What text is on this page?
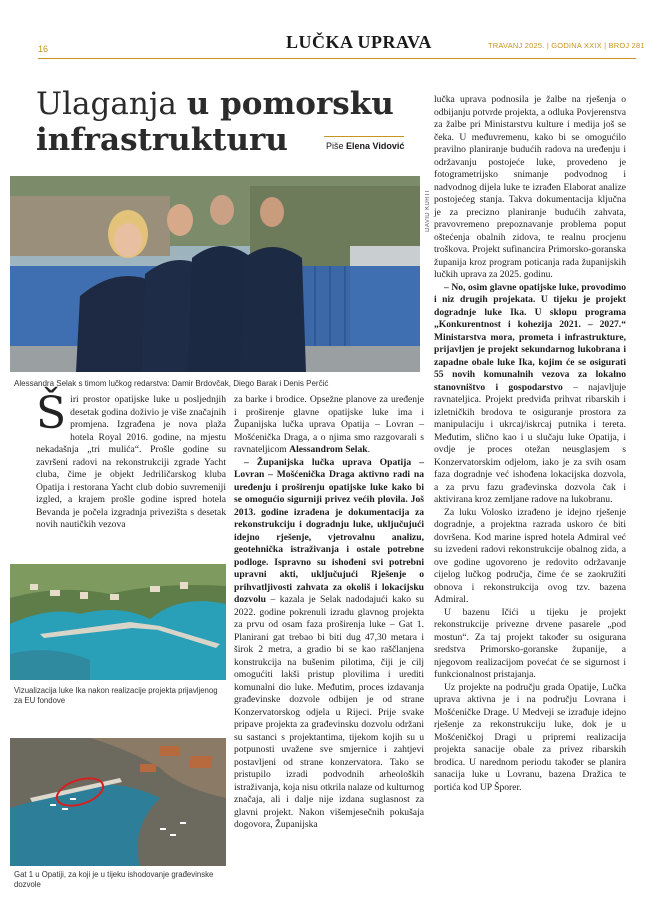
16	LUČKA UPRAVA	TRAVANJ 2025. | GODINA XXIX | BROJ 281
Ulaganja u pomorsku
infrastrukturu	Piše Elena Vidović
DAVID KURTI
Alessandra Selak s timom lučkog redarstva: Damir Brdovčak, Diego Barak i Denis Perčić

Širi prostor opatijske luke u posljednjih desetak godina doživio je više značajnih promjena. Izgrađena je nova plaža hotela Royal 2016. godine, na mjestu nekadašnja „tri mulića“. Prošle godine su završeni radovi na rekonstrukciji zgrade Yacht cluba, čime je objekt Jedriličarskog kluba Opatija i restorana Yacht club dobio suvremeniji izgled, a krajem prošle godine ispred hotela Bevanda je počela izgradnja privezišta s desetak novih nautičkih vezova

Vizualizacija luke Ika nakon realizacije projekta prijavljenog za EU fondove
Gat 1 u Opatiji, za koji je u tijeku ishodovanje građevinske dozvole

za barke i brodice. Opsežne planove za uređenje i proširenje glavne opatijske luke ima i Županijska lučka uprava Opatija – Lovran – Mošćenička Draga, a o njima smo razgovarali s ravnateljicom Alessandrom Selak.

– Županijska lučka uprava Opatija – Lovran – Mošćenička Draga aktivno radi na uređenju i proširenju opatijske luke kako bi se omogućio sigurniji privez većih plovila. Još 2013. godine izrađena je dokumentacija za rekonstrukciju i dogradnju luke, uključujući idejno rješenje, vjetrovalnu analizu, geotehnička istraživanja i ostale potrebne podloge. Ispravno su ishođeni svi potrebni upravni akti, uključujući Rješenje o prihvatljivosti zahvata za okoliš i lokacijsku dozvolu – kazala je Selak nadodajući kako su 2022. godine pokrenuli izradu glavnog projekta za prvu od osam faza proširenja luke – Gat 1. Planirani gat trebao bi biti dug 47,30 metara i širok 2 metra, a gradio bi se kao raščlanjena konstrukcija na bušenim pilotima, čiji je cilj omogućiti lakši pristup plovilima i urediti komunalni dio luke. Međutim, proces izdavanja građevinske dozvole odbijen je od strane Konzervatorskog odjela u Rijeci. Prije svake pripave projekta za građevinsku dozvolu održani su sastanci s projektantima, tijekom kojih su u potpunosti uvažene sve smjernice i zahtjevi postavljeni od strane konzervatora. Tako se pristupilo izradi podvodnih arheoloških istraživanja, koja nisu otkrila nalaze od kulturnog značaja, ali i dalje nije izdana suglasnost za glavni projekt. Nakon višemjesečnih pokušaja dogovora, Županijska

lučka uprava podnosila je žalbe na rješenja o odbijanju potvrde projekta, a odluka Povjerenstva za žalbe pri Ministarstvu kulture i medija još se čeka. U međuvremenu, kako bi se omogućilo pravilno planiranje budućih radova na uređenju i održavanju postojeće luke, provedeno je fotogrametrijsko snimanje podvodnog i nadvodnog dijela luke te izrađen Elaborat analize postojećeg stanja. Takva dokumentacija ključna je za precizno planiranje budućih zahvata, pravovremeno prepoznavanje problema poput oštećenja obalnih zidova, te realnu procjenu troškova. Projekt sufinancira Primorsko-goranska županija kroz program poticanja rada županijskih lučkih uprava za 2025. godinu.

– No, osim glavne opatijske luke, provodimo i niz drugih projekata. U tijeku je projekt dogradnje luke Ika. U sklopu programa „Konkurentnost i kohezija 2021. – 2027.“ Ministarstva mora, prometa i infrastrukture, prijavljen je projekt sekundarnog lukobrana i zapadne obale luke Ika, kojim će se osigurati 55 novih komunalnih vezova za lokalno stanovništvo i gospodarstvo – najavljuje ravnateljica. Projekt predviđa prihvat ribarskih i izletničkih brodova te osiguranje prostora za manipulaciju i ukrcaj/iskrcaj putnika i tereta. Međutim, slično kao i u slučaju luke Opatija, i ovdje je proces otežan neusglasjem s Konzervatorskim odjelom, iako je za svih osam faza dogradnje već ishođena lokacijska dozvola, a za prvu fazu građevinska dozvola čak i aktivirana kroz zemljane radove na lukobranu.

Za luku Volosko izrađeno je idejno rješenje dogradnje, a projektna razrada uskoro će biti dovršena. Kod marine ispred hotela Admiral već su izvedeni radovi rekonstrukcije obalnog zida, a ove godine ugovoreno je redovito održavanje cijelog lučkog područja, čime će se zaokružiti obnova i rekonstrukcija ovog tzv. bazena Admiral.

U bazenu Ičići u tijeku je projekt rekonstrukcije privezne drvene pasarele „pod mostun“. Za taj projekt također su osigurana sredstva Primorsko-goranske županije, a njegovom realizacijom povećat će se sigurnost i funkcionalnost pristajanja.

Uz projekte na području grada Opatije, Lučka uprava aktivna je i na području Lovrana i Mošćeničke Drage. U Medveji se izrađuje idejno rješenje za rekonstrukciju luke, dok je u Mošćeničkoj Dragi u pripremi realizacija projekta sanacije obale za privez ribarskih brodica. U narednom periodu također se planira sanacija luke u Lovranu, bazena Dražica te portića kod UP Šporer.
